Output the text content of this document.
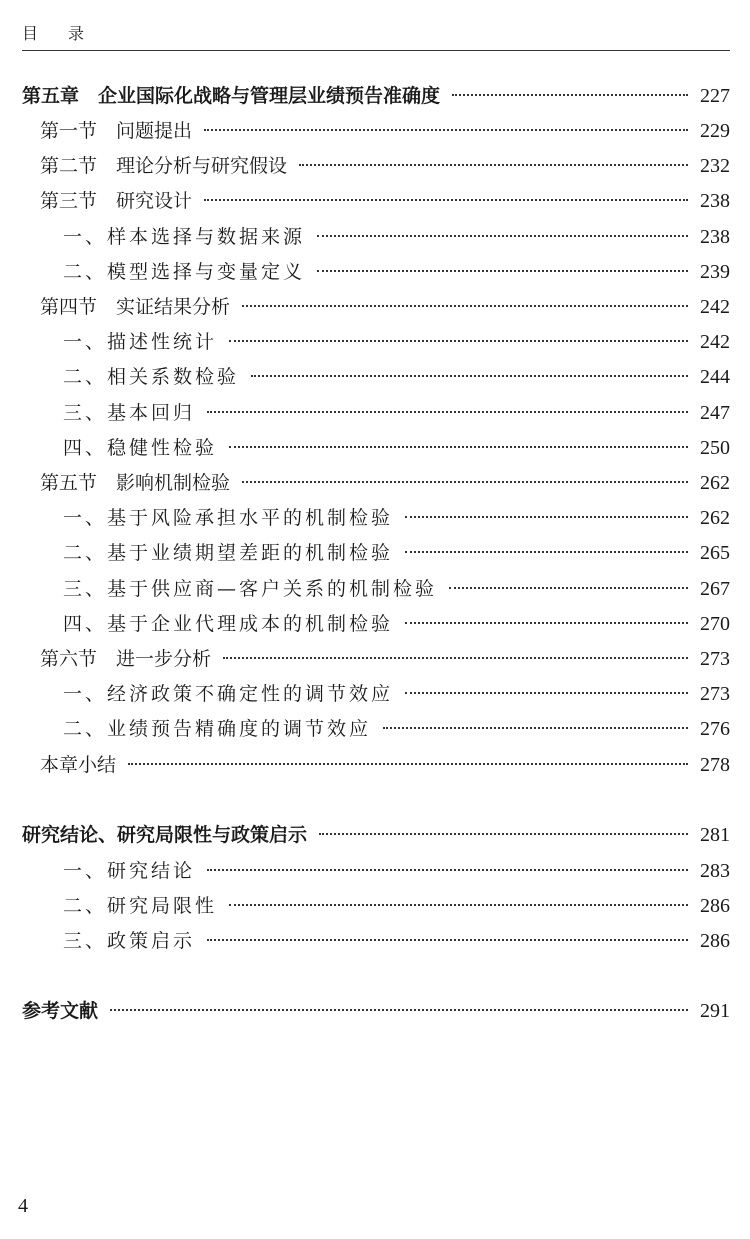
目录
第五章　企业国际化战略与管理层业绩预告准确度	227
第一节　问题提出	229
第二节　理论分析与研究假设	232
第三节　研究设计	238
一、样本选择与数据来源	238
二、模型选择与变量定义	239
第四节　实证结果分析	242
一、描述性统计	242
二、相关系数检验	244
三、基本回归	247
四、稳健性检验	250
第五节　影响机制检验	262
一、基于风险承担水平的机制检验	262
二、基于业绩期望差距的机制检验	265
三、基于供应商—客户关系的机制检验	267
四、基于企业代理成本的机制检验	270
第六节　进一步分析	273
一、经济政策不确定性的调节效应	273
二、业绩预告精确度的调节效应	276
本章小结	278
研究结论、研究局限性与政策启示	281
一、研究结论	283
二、研究局限性	286
三、政策启示	286
参考文献	291
4
